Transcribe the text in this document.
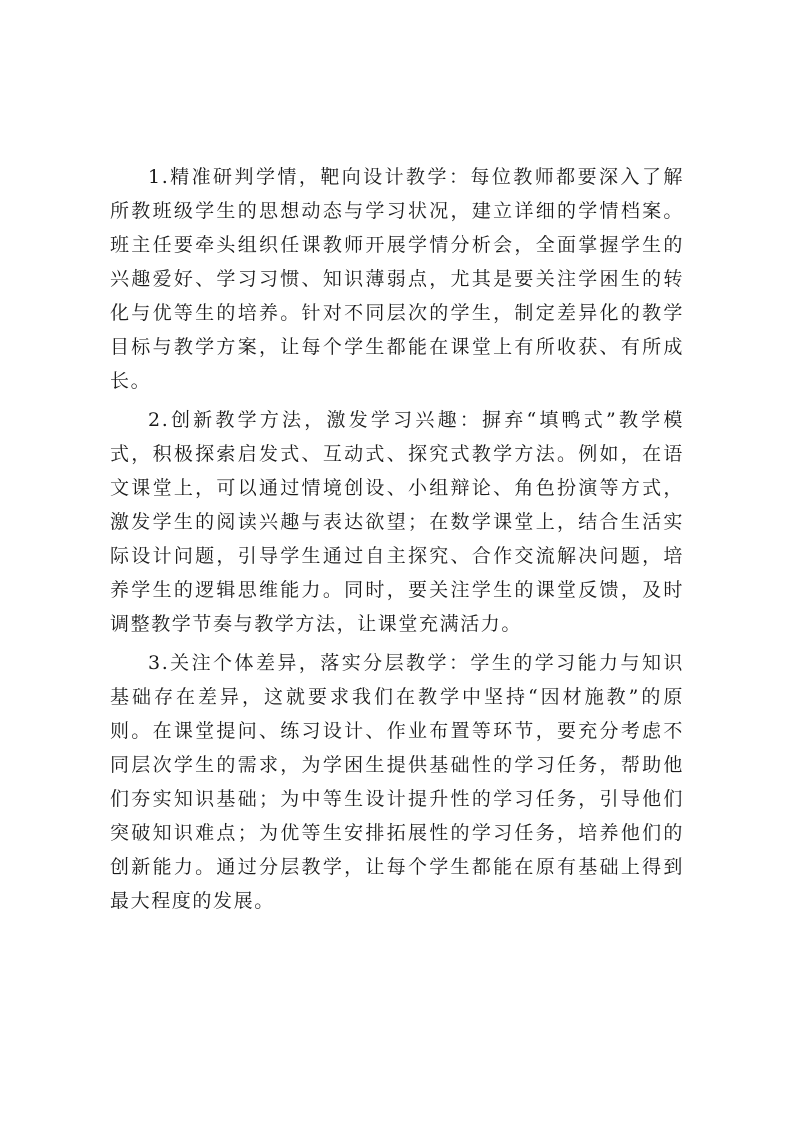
1.精准研判学情，靶向设计教学：每位教师都要深入了解所教班级学生的思想动态与学习状况，建立详细的学情档案。班主任要牵头组织任课教师开展学情分析会，全面掌握学生的兴趣爱好、学习习惯、知识薄弱点，尤其是要关注学困生的转化与优等生的培养。针对不同层次的学生，制定差异化的教学目标与教学方案，让每个学生都能在课堂上有所收获、有所成长。

2.创新教学方法，激发学习兴趣：摒弃“填鸭式”教学模式，积极探索启发式、互动式、探究式教学方法。例如，在语文课堂上，可以通过情境创设、小组辩论、角色扮演等方式，激发学生的阅读兴趣与表达欲望；在数学课堂上，结合生活实际设计问题，引导学生通过自主探究、合作交流解决问题，培养学生的逻辑思维能力。同时，要关注学生的课堂反馈，及时调整教学节奏与教学方法，让课堂充满活力。

3.关注个体差异，落实分层教学：学生的学习能力与知识基础存在差异，这就要求我们在教学中坚持“因材施教”的原则。在课堂提问、练习设计、作业布置等环节，要充分考虑不同层次学生的需求，为学困生提供基础性的学习任务，帮助他们夯实知识基础；为中等生设计提升性的学习任务，引导他们突破知识难点；为优等生安排拓展性的学习任务，培养他们的创新能力。通过分层教学，让每个学生都能在原有基础上得到最大程度的发展。
